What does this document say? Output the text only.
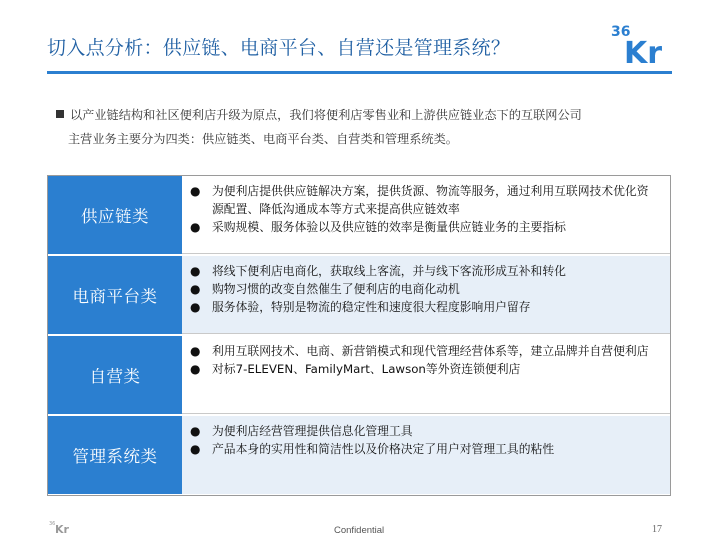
切入点分析：供应链、电商平台、自营还是管理系统？
36
Kr
以产业链结构和社区便利店升级为原点，我们将便利店零售业和上游供应链业态下的互联网公司
主营业务主要分为四类：供应链类、电商平台类、自营类和管理系统类。
供应链类
● 为便利店提供供应链解决方案，提供货源、物流等服务，通过利用互联网技术优化资源配置、降低沟通成本等方式来提高供应链效率
● 采购规模、服务体验以及供应链的效率是衡量供应链业务的主要指标
电商平台类
● 将线下便利店电商化，获取线上客流，并与线下客流形成互补和转化
● 购物习惯的改变自然催生了便利店的电商化动机
● 服务体验，特别是物流的稳定性和速度很大程度影响用户留存
自营类
● 利用互联网技术、电商、新营销模式和现代管理经营体系等，建立品牌并自营便利店
● 对标7-ELEVEN、FamilyMart、Lawson等外资连锁便利店
管理系统类
● 为便利店经营管理提供信息化管理工具
● 产品本身的实用性和简洁性以及价格决定了用户对管理工具的粘性
36 Kr	Confidential	17
